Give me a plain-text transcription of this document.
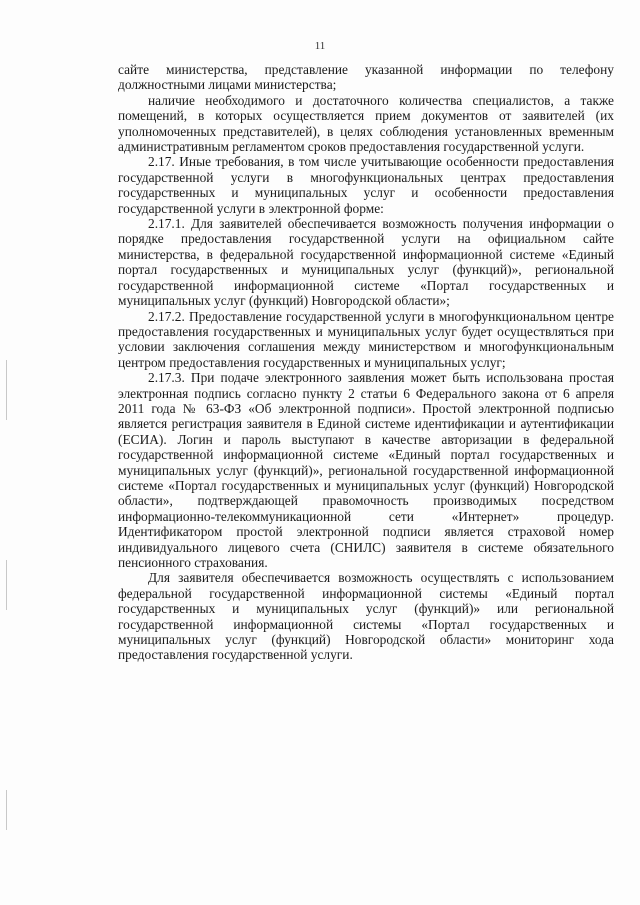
11

сайте министерства, представление указанной информации по телефону должностными лицами министерства;

наличие необходимого и достаточного количества специалистов, а также помещений, в которых осуществляется прием документов от заявителей (их уполномоченных представителей), в целях соблюдения установленных временным административным регламентом сроков предоставления государственной услуги.

2.17. Иные требования, в том числе учитывающие особенности предоставления государственной услуги в многофункциональных центрах предоставления государственных и муниципальных услуг и особенности предоставления государственной услуги в электронной форме:

2.17.1. Для заявителей обеспечивается возможность получения информации о порядке предоставления государственной услуги на официальном сайте министерства, в федеральной государственной информационной системе «Единый портал государственных и муниципальных услуг (функций)», региональной государственной информационной системе «Портал государственных и муниципальных услуг (функций) Новгородской области»;

2.17.2. Предоставление государственной услуги в многофункциональном центре предоставления государственных и муниципальных услуг будет осуществляться при условии заключения соглашения между министерством и многофункциональным центром предоставления государственных и муниципальных услуг;

2.17.3. При подаче электронного заявления может быть использована простая электронная подпись согласно пункту 2 статьи 6 Федерального закона от 6 апреля 2011 года № 63-ФЗ «Об электронной подписи». Простой электронной подписью является регистрация заявителя в Единой системе идентификации и аутентификации (ЕСИА). Логин и пароль выступают в качестве авторизации в федеральной государственной информационной системе «Единый портал государственных и муниципальных услуг (функций)», региональной государственной информационной системе «Портал государственных и муниципальных услуг (функций) Новгородской области», подтверждающей правомочность производимых посредством информационно-телекоммуникационной сети «Интернет» процедур. Идентификатором простой электронной подписи является страховой номер индивидуального лицевого счета (СНИЛС) заявителя в системе обязательного пенсионного страхования.

Для заявителя обеспечивается возможность осуществлять с использованием федеральной государственной информационной системы «Единый портал государственных и муниципальных услуг (функций)» или региональной государственной информационной системы «Портал государственных и муниципальных услуг (функций) Новгородской области» мониторинг хода предоставления государственной услуги.
